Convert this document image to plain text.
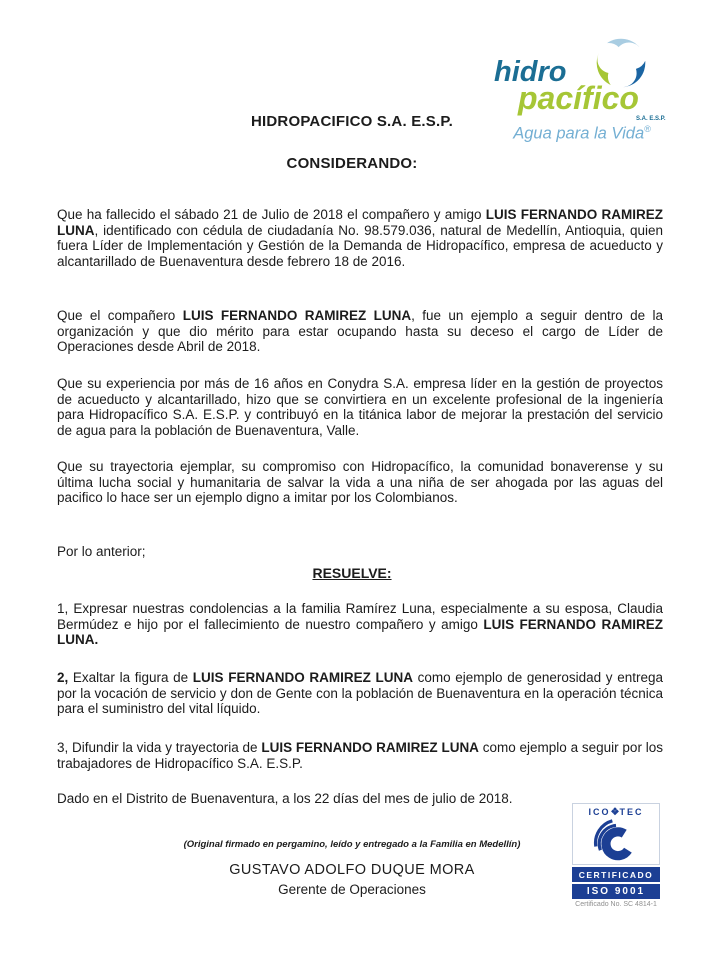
hidro
pacífico
S.A. E.S.P.
Agua para la Vida®
HIDROPACIFICO S.A. E.S.P.
CONSIDERANDO:

Que ha fallecido el sábado 21 de Julio de 2018 el compañero y amigo LUIS FERNANDO RAMIREZ LUNA, identificado con cédula de ciudadanía No. 98.579.036, natural de Medellín, Antioquia, quien fuera Líder de Implementación y Gestión de la Demanda de Hidropacífico, empresa de acueducto y alcantarillado de Buenaventura desde febrero 18 de 2016.

Que el compañero LUIS FERNANDO RAMIREZ LUNA, fue un ejemplo a seguir dentro de la organización y que dio mérito para estar ocupando hasta su deceso el cargo de Líder de Operaciones desde Abril de 2018.

Que su experiencia por más de 16 años en Conydra S.A. empresa líder en la gestión de proyectos de acueducto y alcantarillado, hizo que se convirtiera en un excelente profesional de la ingeniería para Hidropacífico S.A. E.S.P. y contribuyó en la titánica labor de mejorar la prestación del servicio de agua para la población de Buenaventura, Valle.

Que su trayectoria ejemplar, su compromiso con Hidropacífico, la comunidad bonaverense y su última lucha social y humanitaria de salvar la vida a una niña de ser ahogada por las aguas del pacifico lo hace ser un ejemplo digno a imitar por los Colombianos.

Por lo anterior;

RESUELVE:

1, Expresar nuestras condolencias a la familia Ramírez Luna, especialmente a su esposa, Claudia Bermúdez e hijo por el fallecimiento de nuestro compañero y amigo LUIS FERNANDO RAMIREZ LUNA.

2, Exaltar la figura de LUIS FERNANDO RAMIREZ LUNA como ejemplo de generosidad y entrega por la vocación de servicio y don de Gente con la población de Buenaventura en la operación técnica para el suministro del vital líquido.

3, Difundir la vida y trayectoria de LUIS FERNANDO RAMIREZ LUNA como ejemplo a seguir por los trabajadores de Hidropacífico S.A. E.S.P.

Dado en el Distrito de Buenaventura, a los 22 días del mes de julio de 2018.

(Original firmado en pergamino, leído y entregado a la Familia en Medellín)
GUSTAVO ADOLFO DUQUE MORA
Gerente de Operaciones
ICO❖TEC
CERTIFICADO
ISO 9001
Certificado No. SC 4814-1
